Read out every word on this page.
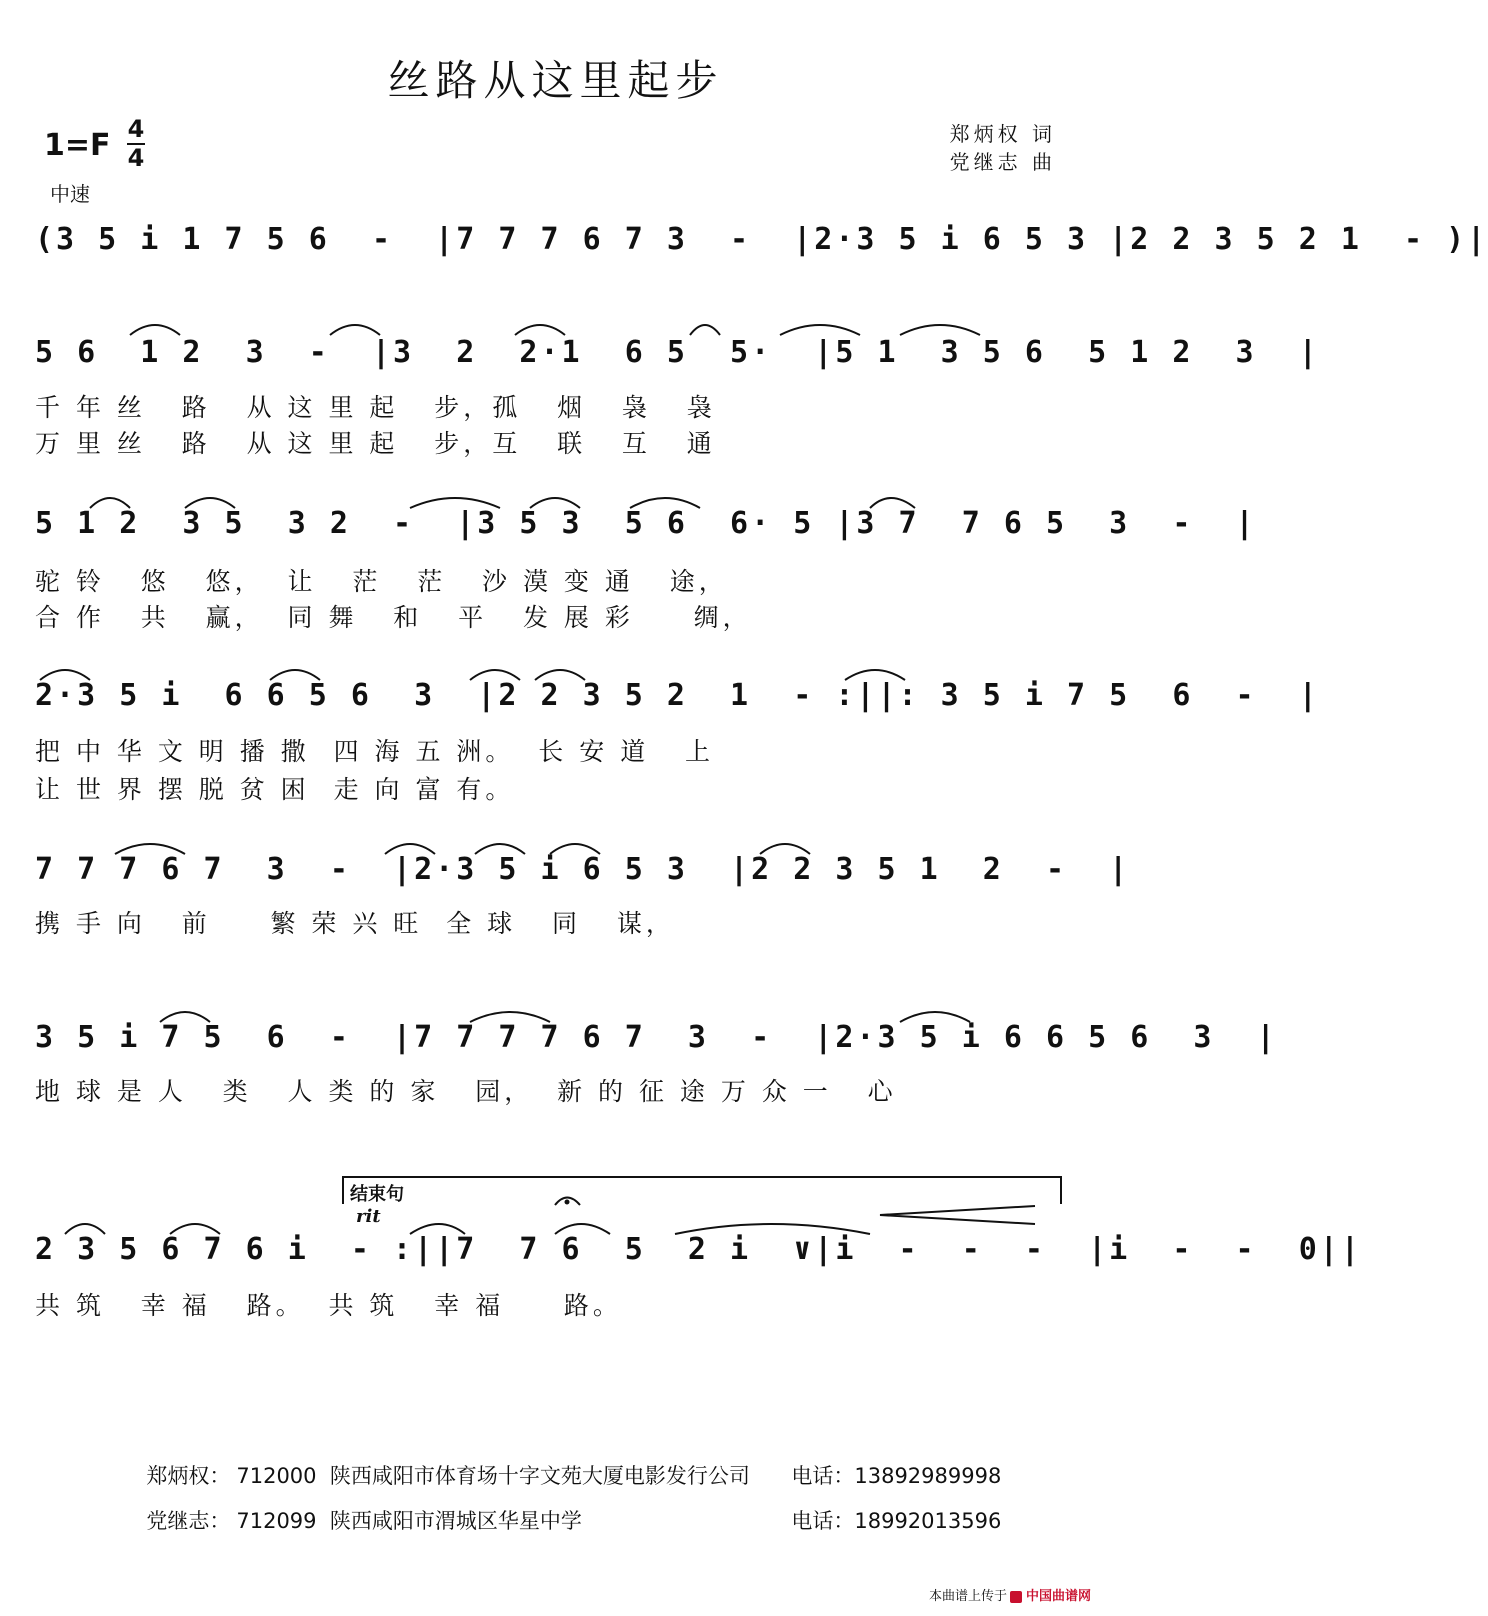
丝路从这里起步
1=F 4
4
中速
郑炳权 词
党继志 曲
(3 5 i 1 7 5 6  -  |7 7 7 6 7 3  -  |2·3 5 i 6 5 3 |2 2 3 5 2 1  - )|
5 6  1 2  3  -  |3  2  2·1  6 5  5·  |5 1  3 5 6  5 1 2  3  |
千 年 丝   路   从 这 里 起   步，孤   烟   袅   袅
万 里 丝   路   从 这 里 起   步，互   联   互   通
5 1 2  3 5  3 2  -  |3 5 3  5 6  6· 5 |3 7  7 6 5  3  -  |
驼 铃   悠   悠，  让   茫   茫   沙 漠 变 通   途，
合 作   共   赢，  同 舞   和   平   发 展 彩     绸，
2·3 5 i  6 6 5 6  3  |2 2 3 5 2  1  - :||: 3 5 i 7 5  6  -  |
把 中 华 文 明 播 撒  四 海 五 洲。  长 安 道   上
让 世 界 摆 脱 贫 困  走 向 富 有。
7 7 7 6 7  3  -  |2·3 5 i 6 5 3  |2 2 3 5 1  2  -  |
携 手 向   前     繁 荣 兴 旺  全 球   同   谋，
3 5 i 7 5  6  -  |7 7 7 7 6 7  3  -  |2·3 5 i 6 6 5 6  3  |
地 球 是 人   类   人 类 的 家   园，  新 的 征 途 万 众 一   心
结束句
rit
2 3 5 6 7 6 i  - :||7  7 6  5  2 i  ∨|i  -  -  -  |i  -  -  0||
共 筑   幸 福   路。  共 筑   幸 福     路。

郑炳权： 712000  陕西咸阳市体育场十字文苑大厦电影发行公司 电话：13892989998

党继志： 712099  陕西咸阳市渭城区华星中学	电话：18992013596

本曲谱上传于 中国曲谱网
